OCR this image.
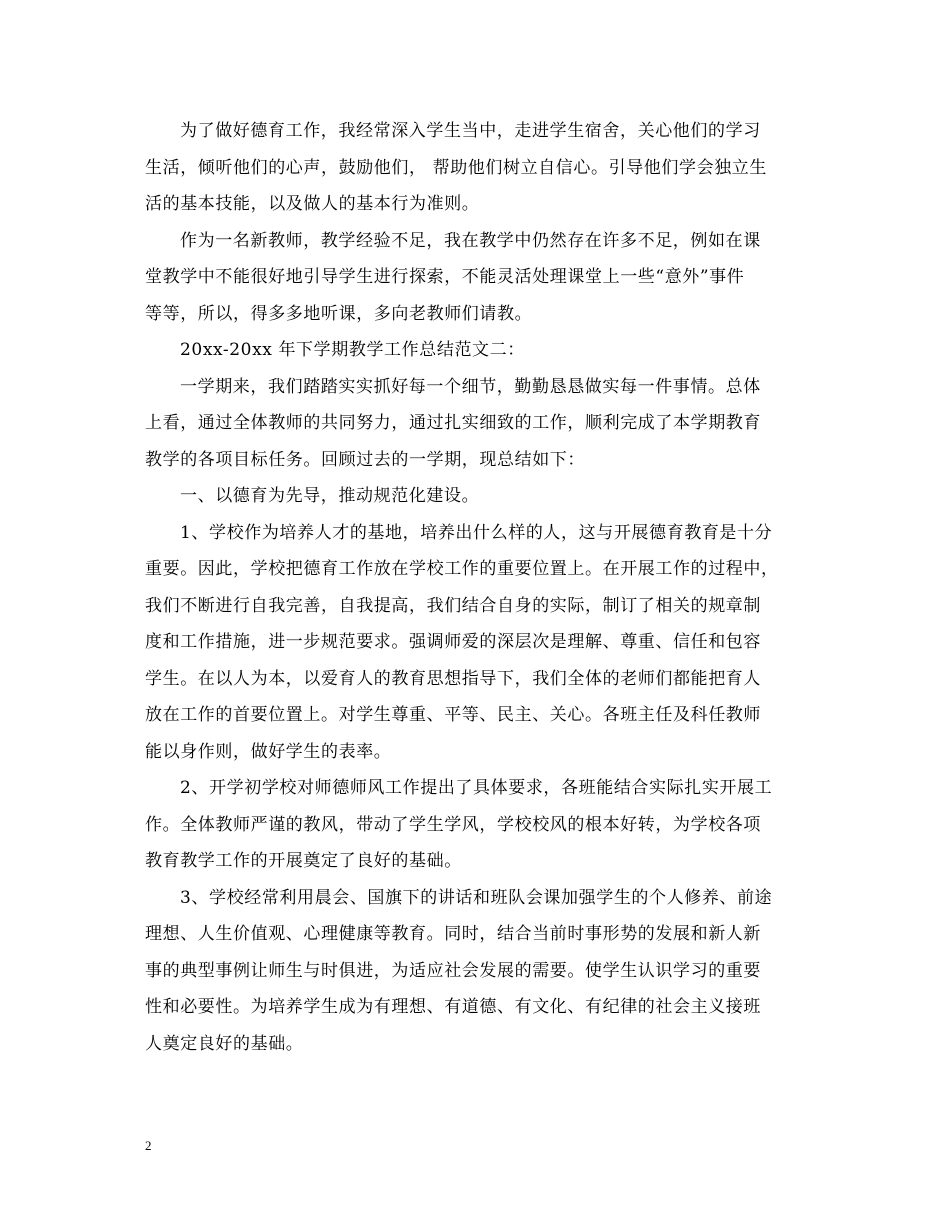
为了做好德育工作，我经常深入学生当中，走进学生宿舍，关心他们的学习
生活，倾听他们的心声，鼓励他们， 帮助他们树立自信心。引导他们学会独立生
活的基本技能，以及做人的基本行为准则。
作为一名新教师，教学经验不足，我在教学中仍然存在许多不足，例如在课
堂教学中不能很好地引导学生进行探索，不能灵活处理课堂上一些“意外”事件
等等，所以，得多多地听课，多向老教师们请教。
20xx-20xx 年下学期教学工作总结范文二：
一学期来，我们踏踏实实抓好每一个细节，勤勤恳恳做实每一件事情。总体
上看，通过全体教师的共同努力，通过扎实细致的工作，顺利完成了本学期教育
教学的各项目标任务。回顾过去的一学期，现总结如下：
一、以德育为先导，推动规范化建设。
1、学校作为培养人才的基地，培养出什么样的人，这与开展德育教育是十分
重要。因此，学校把德育工作放在学校工作的重要位置上。在开展工作的过程中，
我们不断进行自我完善，自我提高，我们结合自身的实际，制订了相关的规章制
度和工作措施，进一步规范要求。强调师爱的深层次是理解、尊重、信任和包容
学生。在以人为本，以爱育人的教育思想指导下，我们全体的老师们都能把育人
放在工作的首要位置上。对学生尊重、平等、民主、关心。各班主任及科任教师
能以身作则，做好学生的表率。
2、开学初学校对师德师风工作提出了具体要求，各班能结合实际扎实开展工
作。全体教师严谨的教风，带动了学生学风，学校校风的根本好转，为学校各项
教育教学工作的开展奠定了良好的基础。
3、学校经常利用晨会、国旗下的讲话和班队会课加强学生的个人修养、前途
理想、人生价值观、心理健康等教育。同时，结合当前时事形势的发展和新人新
事的典型事例让师生与时俱进，为适应社会发展的需要。使学生认识学习的重要
性和必要性。为培养学生成为有理想、有道德、有文化、有纪律的社会主义接班
人奠定良好的基础。
2
